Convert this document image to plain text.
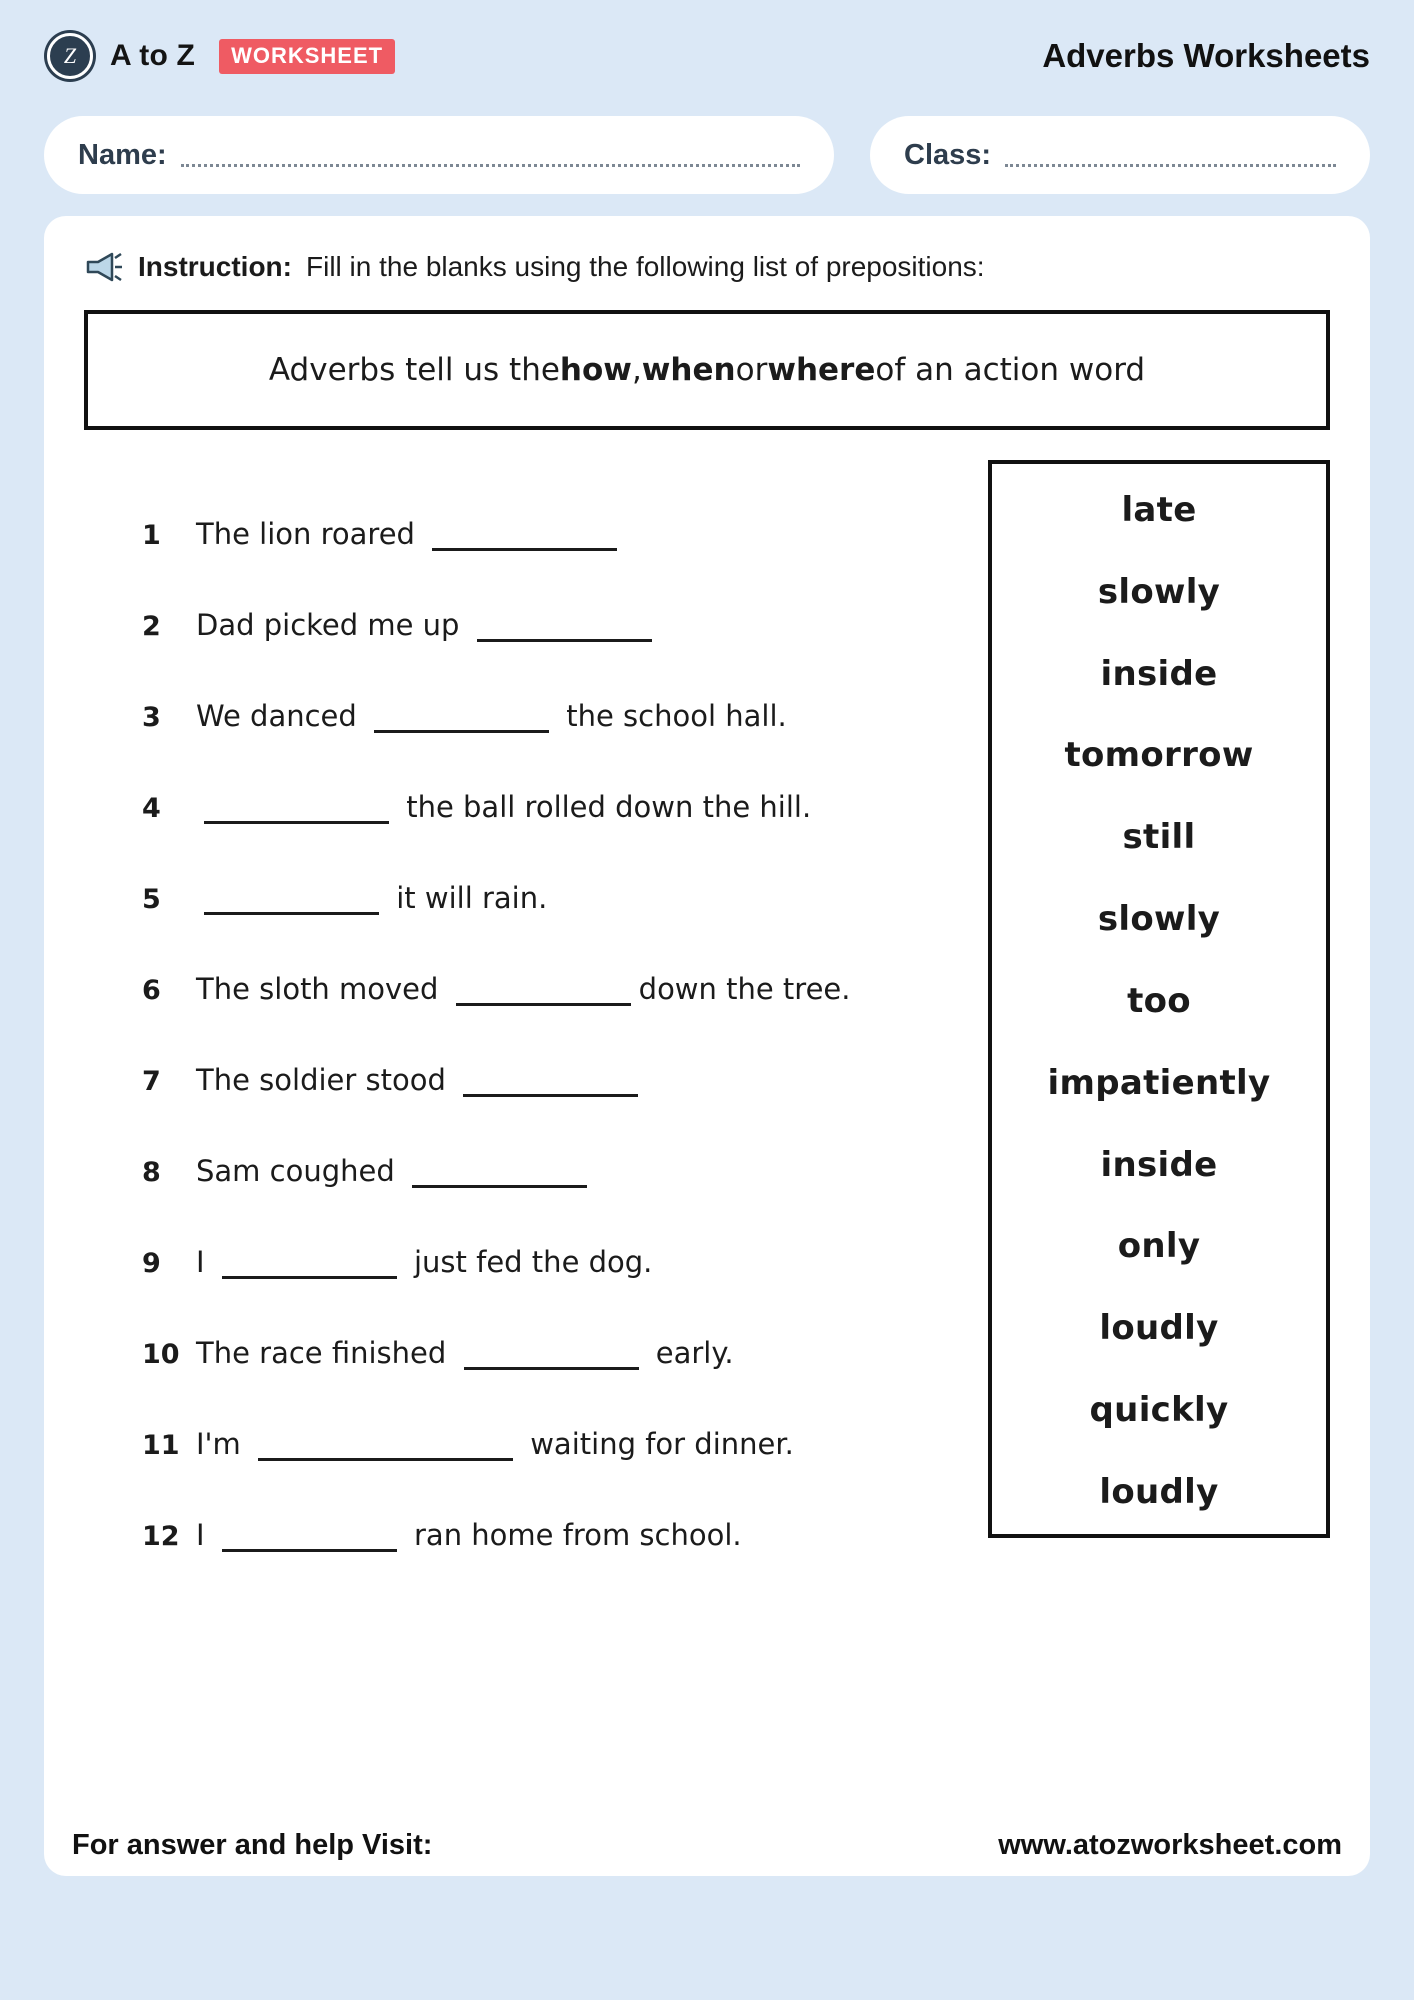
Z	A to Z	WORKSHEET	Adverbs Worksheets
Name:	Class:
Instruction: Fill in the blanks using the following list of prepositions:
Adverbs tell us the how , when or where of an action word
1	The lion roared
2	Dad picked me up
3	We danced	the school hall.
4	the ball rolled down the hill.
5	it will rain.
6	The sloth moved	down the tree.
7	The soldier stood
8	Sam coughed
9	I	just fed the dog.
10 The race finished	early.
11 I'm	waiting for dinner.
12 I	ran home from school.
late
slowly
inside
tomorrow
still
slowly
too
impatiently
inside
only
loudly
quickly
loudly
For answer and help Visit:	www.atozworksheet.com
